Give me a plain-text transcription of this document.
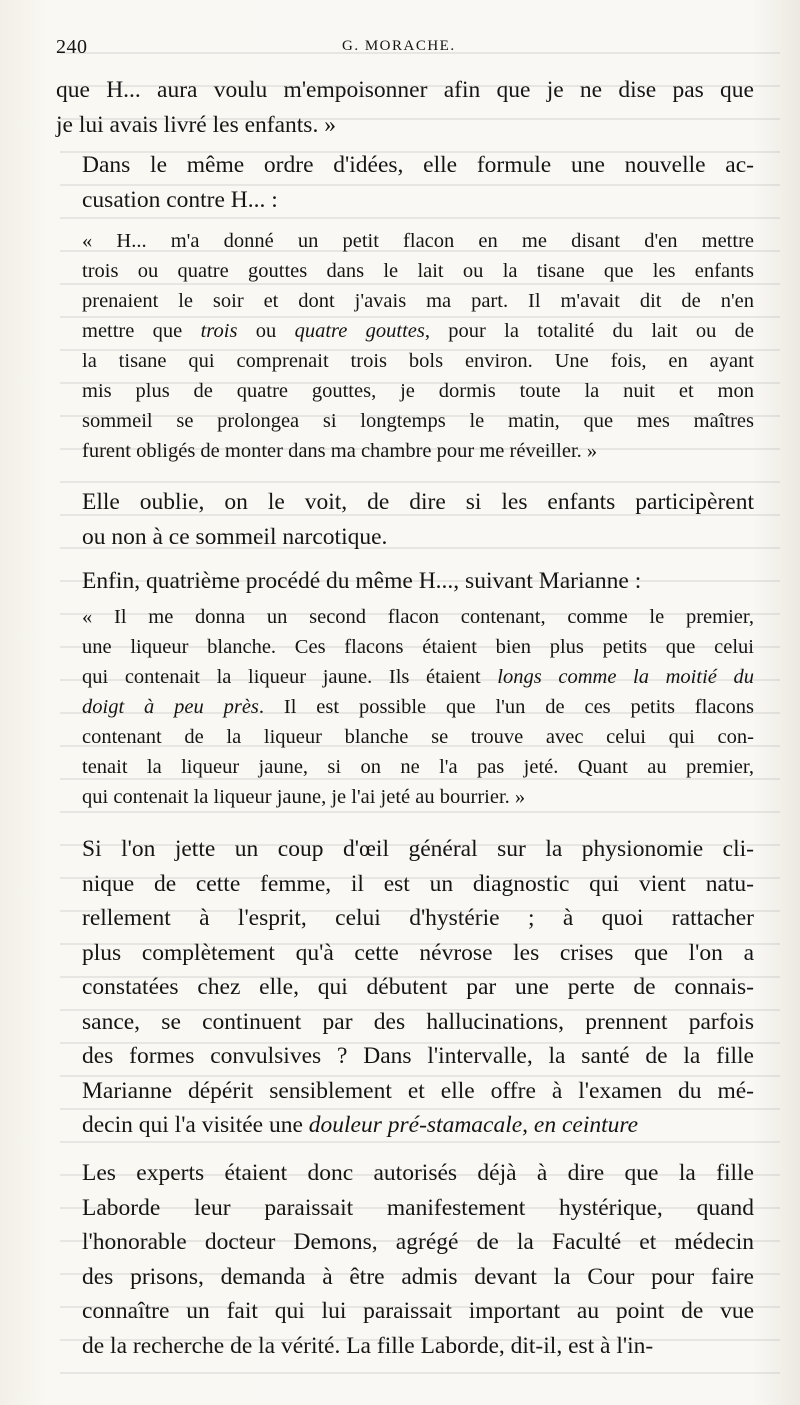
240	G. MORACHE.

que H... aura voulu m'empoisonner afin que je ne dise pas que
je lui avais livré les enfants. »

Dans le même ordre d'idées, elle formule une nouvelle ac-
cusation contre H... :

« H... m'a donné un petit flacon en me disant d'en mettre
trois ou quatre gouttes dans le lait ou la tisane que les enfants
prenaient le soir et dont j'avais ma part. Il m'avait dit de n'en
mettre que trois ou quatre gouttes, pour la totalité du lait ou de
la tisane qui comprenait trois bols environ. Une fois, en ayant
mis plus de quatre gouttes, je dormis toute la nuit et mon
sommeil se prolongea si longtemps le matin, que mes maîtres
furent obligés de monter dans ma chambre pour me réveiller. »

Elle oublie, on le voit, de dire si les enfants participèrent
ou non à ce sommeil narcotique.

Enfin, quatrième procédé du même H..., suivant Marianne :

« Il me donna un second flacon contenant, comme le premier,
une liqueur blanche. Ces flacons étaient bien plus petits que celui
qui contenait la liqueur jaune. Ils étaient longs comme la moitié du
doigt à peu près. Il est possible que l'un de ces petits flacons
contenant de la liqueur blanche se trouve avec celui qui con-
tenait la liqueur jaune, si on ne l'a pas jeté. Quant au premier,
qui contenait la liqueur jaune, je l'ai jeté au bourrier. »

Si l'on jette un coup d'œil général sur la physionomie cli-
nique de cette femme, il est un diagnostic qui vient natu-
rellement à l'esprit, celui d'hystérie ; à quoi rattacher
plus complètement qu'à cette névrose les crises que l'on a
constatées chez elle, qui débutent par une perte de connais-
sance, se continuent par des hallucinations, prennent parfois
des formes convulsives ? Dans l'intervalle, la santé de la fille
Marianne dépérit sensiblement et elle offre à l'examen du mé-
decin qui l'a visitée une douleur pré-stamacale, en ceinture

Les experts étaient donc autorisés déjà à dire que la fille
Laborde leur paraissait manifestement hystérique, quand
l'honorable docteur Demons, agrégé de la Faculté et médecin
des prisons, demanda à être admis devant la Cour pour faire
connaître un fait qui lui paraissait important au point de vue
de la recherche de la vérité. La fille Laborde, dit-il, est à l'in-
